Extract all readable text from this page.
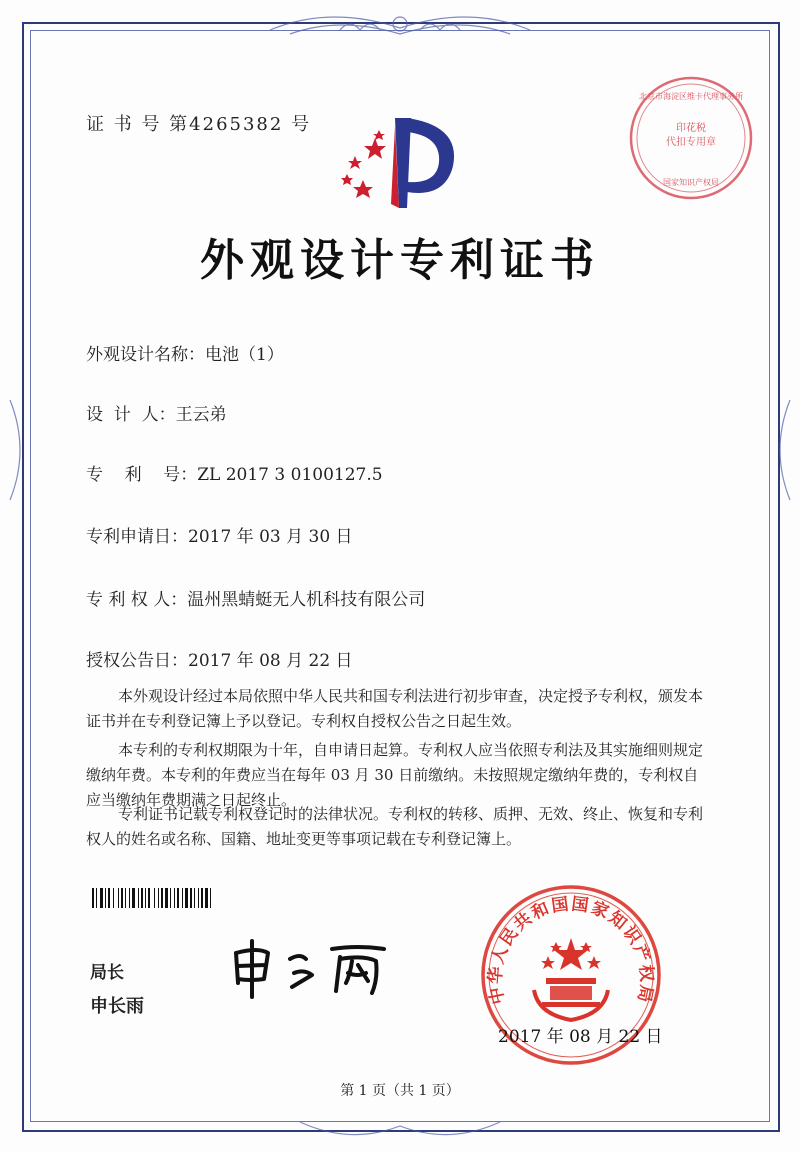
证 书 号 第4265382 号	印花税
代扣专用章
北京市海淀区维卡代理事务所
国家知识产权局
外观设计专利证书
外观设计名称：电池（1）
设  计  人：王云弟
专    利    号：ZL 2017 3 0100127.5
专利申请日：2017 年 03 月 30 日
专 利 权 人：温州黑蜻蜓无人机科技有限公司
授权公告日：2017 年 08 月 22 日
本外观设计经过本局依照中华人民共和国专利法进行初步审查，决定授予专利权，颁发本证书并在专利登记簿上予以登记。专利权自授权公告之日起生效。
本专利的专利权期限为十年，自申请日起算。专利权人应当依照专利法及其实施细则规定缴纳年费。本专利的年费应当在每年 03 月 30 日前缴纳。未按照规定缴纳年费的，专利权自应当缴纳年费期满之日起终止。
专利证书记载专利权登记时的法律状况。专利权的转移、质押、无效、终止、恢复和专利权人的姓名或名称、国籍、地址变更等事项记载在专利登记簿上。
局长
申长雨
中华人民共和国国家知识产权局
2017 年 08 月 22 日
第 1 页（共 1 页）
